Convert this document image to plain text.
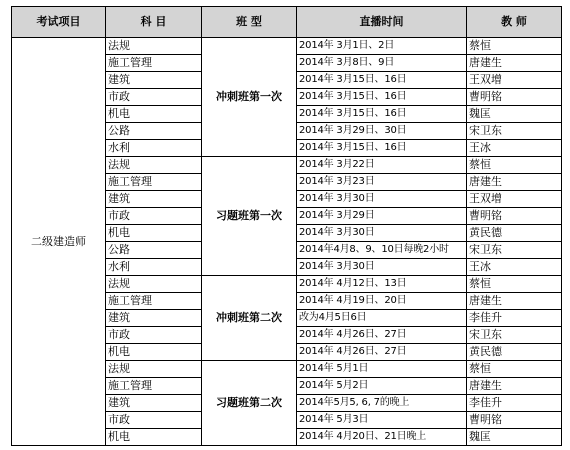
考试项目	科 目	班 型	直播时间	教 师
二级建造师	法规	冲刺班第一次	2014年 3月1日、2日	蔡恒
	施工管理		2014年 3月8日、9日	唐建生
	建筑		2014年 3月15日、16日	王双增
	市政		2014年 3月15日、16日	曹明铭
	机电		2014年 3月15日、16日	魏匡
	公路		2014年 3月29日、30日	宋卫东
	水利		2014年 3月15日、16日	王冰
	法规	习题班第一次	2014年 3月22日	蔡恒
	施工管理		2014年 3月23日	唐建生
	建筑		2014年 3月30日	王双增
	市政		2014年 3月29日	曹明铭
	机电		2014年 3月30日	黄民德
	公路		2014年4月8、9、10日每晚2小时	宋卫东
	水利		2014年 3月30日	王冰
	法规	冲刺班第二次	2014年 4月12日、13日	蔡恒
	施工管理		2014年 4月19日、20日	唐建生
	建筑		改为4月5日6日	李佳升
	市政		2014年 4月26日、27日	宋卫东
	机电		2014年 4月26日、27日	黄民德
	法规	习题班第二次	2014年 5月1日	蔡恒
	施工管理		2014年 5月2日	唐建生
	建筑		2014年5月5, 6, 7的晚上	李佳升
	市政		2014年 5月3日	曹明铭
	机电		2014年 4月20日、21日晚上	魏匡
